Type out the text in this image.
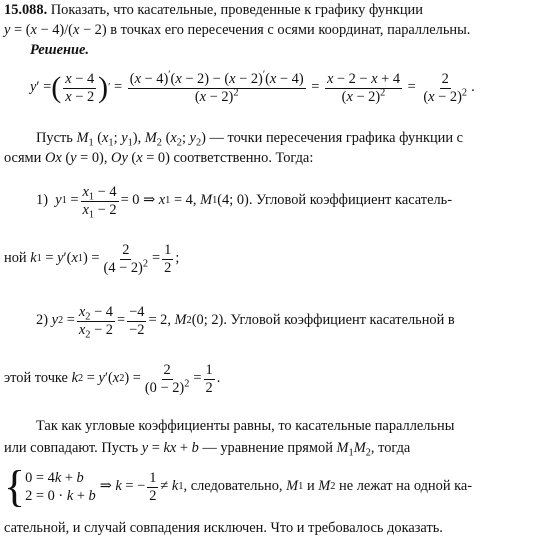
15.088. Показать, что касательные, проведенные к графику функции
y = (x − 4)/(x − 2) в точках его пересечения с осями координат, параллельны.
Решение.
y ′ = ( $\frac{x - 4}{x - 2}$ ) ′ = $\frac{(x - 4)'(x - 2) - (x - 2)'(x - 4)}{(x - 2)^2} = \frac{x - 2 - x + 4}{(x - 2)^2} = \frac{2}{(x - 2)^2}$ .
Пусть $M_1$ ($x_1$; $y_1$), $M_2$ ($x_2$; $y_2$) — точки пересечения графика функции с
осями Ox (y = 0), Oy (x = 0) соответственно. Тогда:
1)
y $1 = \frac{x_1 - 4}{x_1 - 2} = 0$ ⇒ x 1 = 4, M 1 (4; 0) . Угловой коэффициент касатель-
ной
k 1 = y ′( x 1 ) = $\frac{2}{(4 - 2)^2} = \frac{1}{2}$ ;
2)
y $2 = \frac{x_2 - 4}{x_2 - 2} = \frac{-4}{-2} = 2$, M 2 (0; 2) . Угловой коэффициент касательной в
этой точке
k 2 = y ′( x 2 ) = $\frac{2}{(0 - 2)^2} = \frac{1}{2}$ .
Так как угловые коэффициенты равны, то касательные параллельны
или совпадают. Пусть y = kx + b — уравнение прямой $M_1M_2$, тогда
{ 0 = 4k + b
2 = 0 · k + b
⇒ k = − $\frac{1}{2} \ne k$ 1 , следовательно,
M 1
и
M 2
не лежат на одной ка-
сательной, и случай совпадения исключен. Что и требовалось доказать.
